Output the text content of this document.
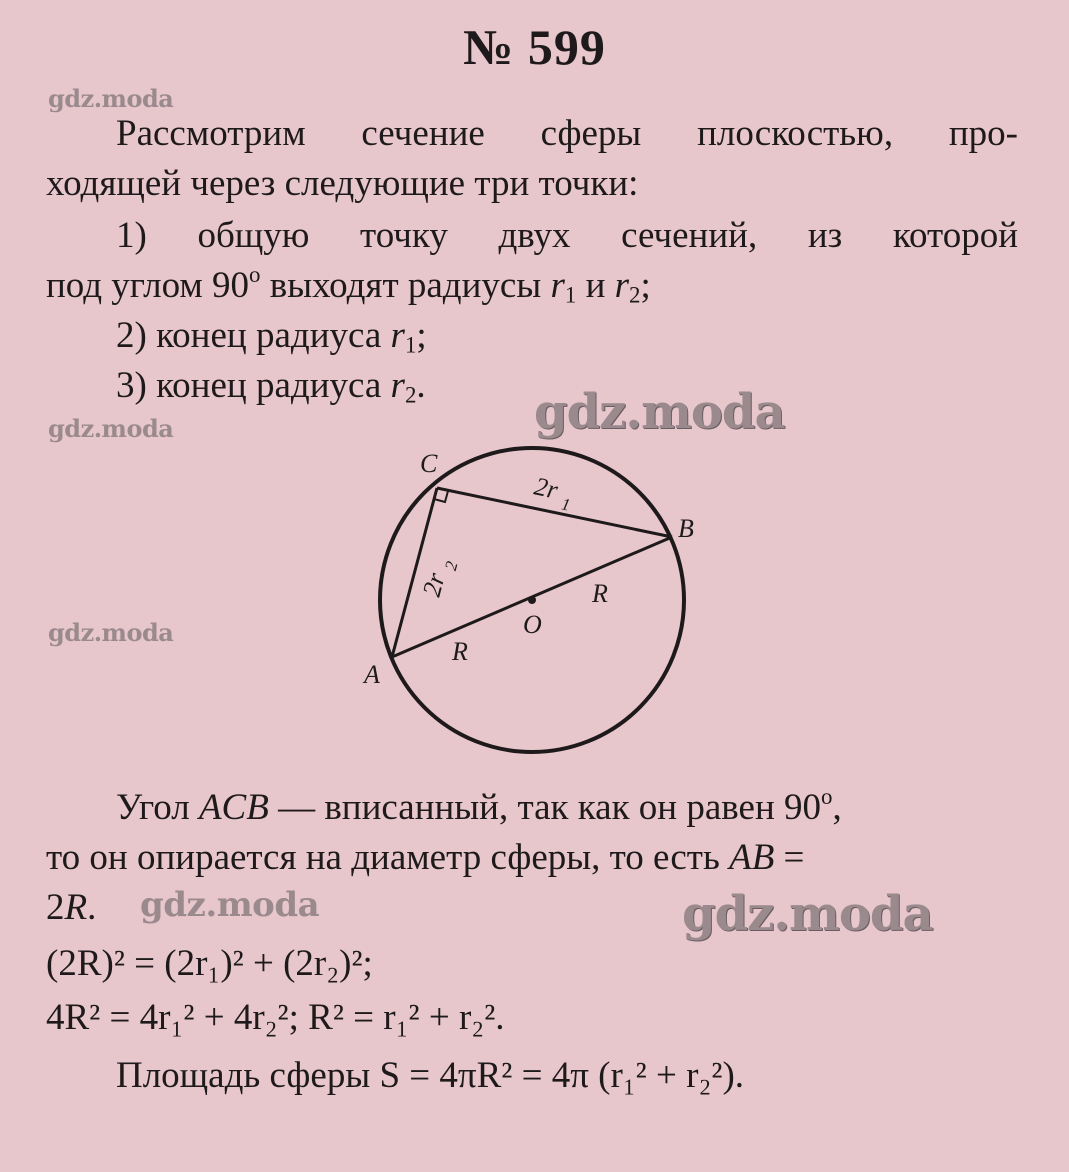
№ 599
gdz.moda
gdz.moda
gdz.moda
gdz.moda
gdz.moda	gdz.moda
Рассмотрим сечение сферы плоскостью, про-
ходящей через следующие три точки:
1) общую точку двух сечений, из которой
под углом 90$^o$ выходят радиусы $r_1$ и $r_2$;
2) конец радиуса $r_1$;
3) конец радиуса $r_2$.
C
B
A
O
R
R
2r 1
2r
2
Угол ACB — вписанный, так как он равен 90$^o$,
то он опирается на диаметр сферы, то есть AB =
2R.
(2R)² = (2r₁)² + (2r₂)²;
4R² = 4r₁² + 4r₂²; R² = r₁² + r₂².
Площадь сферы S = 4πR² = 4π (r₁² + r₂²).
